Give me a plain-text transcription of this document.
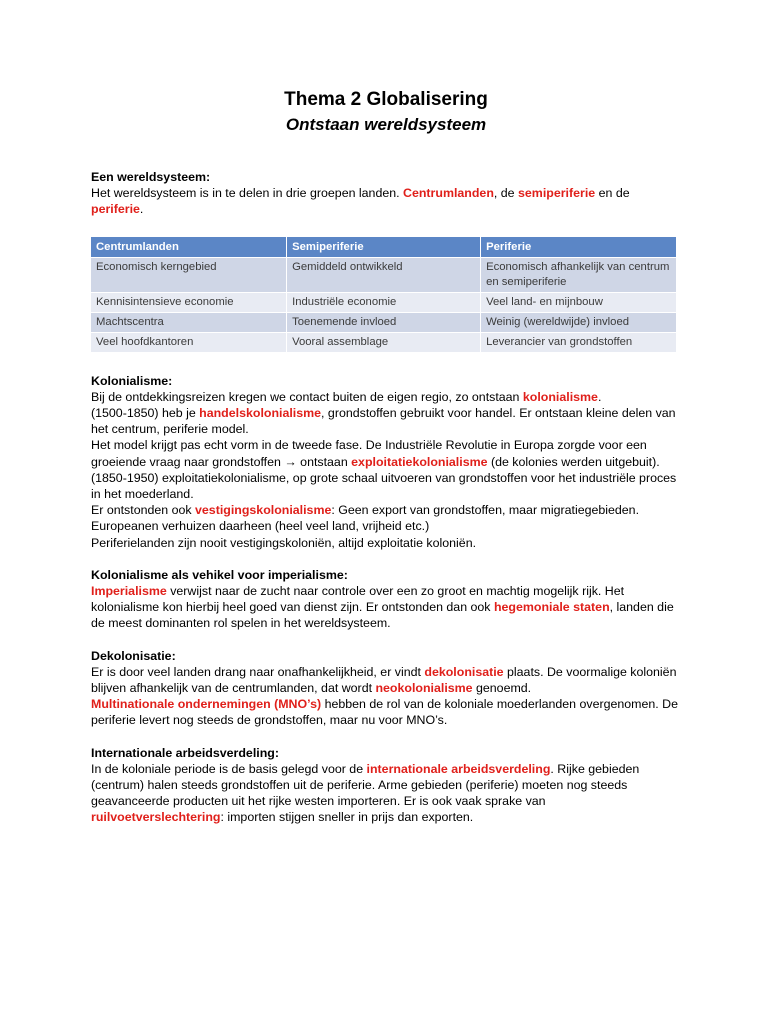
Thema 2 Globalisering
Ontstaan wereldsysteem

Een wereldsysteem:

Het wereldsysteem is in te delen in drie groepen landen. Centrumlanden, de semiperiferie en de periferie.

Centrumlanden	Semiperiferie	Periferie
Economisch kerngebied	Gemiddeld ontwikkeld	Economisch afhankelijk van centrum en semiperiferie
Kennisintensieve economie	Industriële economie	Veel land- en mijnbouw
Machtscentra	Toenemende invloed	Weinig (wereldwijde) invloed
Veel hoofdkantoren	Vooral assemblage	Leverancier van grondstoffen

Kolonialisme:

Bij de ontdekkingsreizen kregen we contact buiten de eigen regio, zo ontstaan kolonialisme.

(1500-1850) heb je handelskolonialisme, grondstoffen gebruikt voor handel. Er ontstaan kleine delen van het centrum, periferie model.

Het model krijgt pas echt vorm in de tweede fase. De Industriële Revolutie in Europa zorgde voor een groeiende vraag naar grondstoffen → ontstaan exploitatiekolonialisme (de kolonies werden uitgebuit).

(1850-1950) exploitatiekolonialisme, op grote schaal uitvoeren van grondstoffen voor het industriële proces in het moederland.

Er ontstonden ook vestigingskolonialisme: Geen export van grondstoffen, maar migratiegebieden. Europeanen verhuizen daarheen (heel veel land, vrijheid etc.)

Periferielanden zijn nooit vestigingskoloniën, altijd exploitatie koloniën.

Kolonialisme als vehikel voor imperialisme:

Imperialisme verwijst naar de zucht naar controle over een zo groot en machtig mogelijk rijk. Het kolonialisme kon hierbij heel goed van dienst zijn. Er ontstonden dan ook hegemoniale staten, landen die de meest dominanten rol spelen in het wereldsysteem.

Dekolonisatie:

Er is door veel landen drang naar onafhankelijkheid, er vindt dekolonisatie plaats. De voormalige koloniën blijven afhankelijk van de centrumlanden, dat wordt neokolonialisme genoemd.

Multinationale ondernemingen (MNO’s) hebben de rol van de koloniale moederlanden overgenomen. De periferie levert nog steeds de grondstoffen, maar nu voor MNO’s.

Internationale arbeidsverdeling:

In de koloniale periode is de basis gelegd voor de internationale arbeidsverdeling. Rijke gebieden (centrum) halen steeds grondstoffen uit de periferie. Arme gebieden (periferie) moeten nog steeds geavanceerde producten uit het rijke westen importeren. Er is ook vaak sprake van ruilvoetverslechtering: importen stijgen sneller in prijs dan exporten.
